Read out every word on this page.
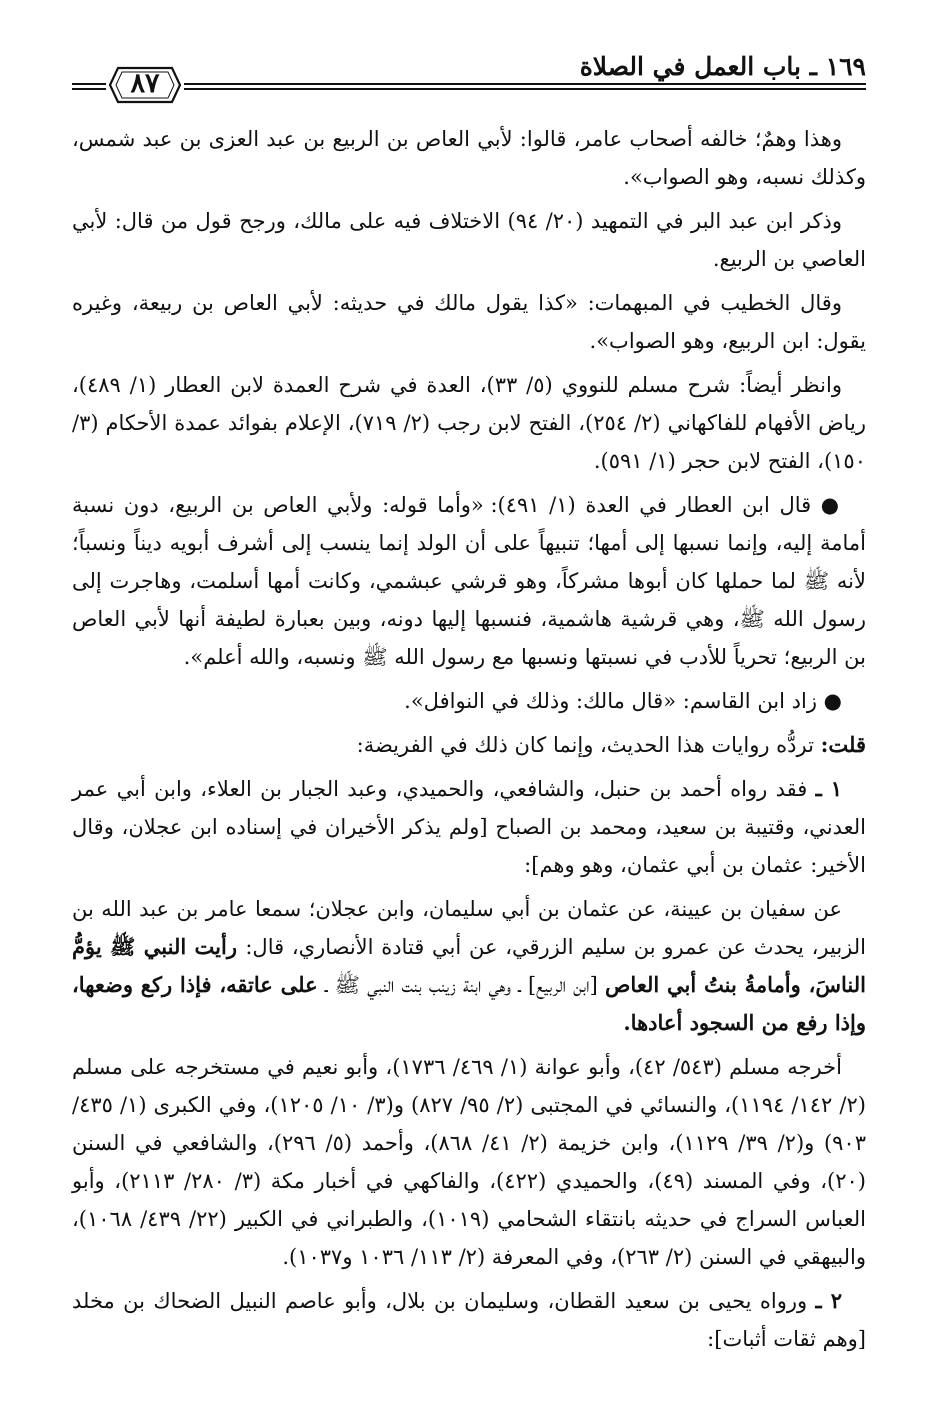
١٦٩ ـ باب العمل في الصلاة
٨٧

وهذا وهمٌ؛ خالفه أصحاب عامر، قالوا: لأبي العاص بن الربيع بن عبد العزى بن عبد شمس، وكذلك نسبه، وهو الصواب».

وذكر ابن عبد البر في التمهيد (٢٠/ ٩٤) الاختلاف فيه على مالك، ورجح قول من قال: لأبي العاصي بن الربيع.

وقال الخطيب في المبهمات: «كذا يقول مالك في حديثه: لأبي العاص بن ربيعة، وغيره يقول: ابن الربيع، وهو الصواب».

وانظر أيضاً: شرح مسلم للنووي (٥/ ٣٣)، العدة في شرح العمدة لابن العطار (١/ ٤٨٩)، رياض الأفهام للفاكهاني (٢/ ٢٥٤)، الفتح لابن رجب (٢/ ٧١٩)، الإعلام بفوائد عمدة الأحكام (٣/ ١٥٠)، الفتح لابن حجر (١/ ٥٩١).

● قال ابن العطار في العدة (١/ ٤٩١): «وأما قوله: ولأبي العاص بن الربيع، دون نسبة أمامة إليه، وإنما نسبها إلى أمها؛ تنبيهاً على أن الولد إنما ينسب إلى أشرف أبويه ديناً ونسباً؛ لأنه ﷺ لما حملها كان أبوها مشركاً، وهو قرشي عبشمي، وكانت أمها أسلمت، وهاجرت إلى رسول الله ﷺ، وهي قرشية هاشمية، فنسبها إليها دونه، وبين بعبارة لطيفة أنها لأبي العاص بن الربيع؛ تحرياً للأدب في نسبتها ونسبها مع رسول الله ﷺ ونسبه، والله أعلم».

● زاد ابن القاسم: «قال مالك: وذلك في النوافل».

قلت: تردُّه روايات هذا الحديث، وإنما كان ذلك في الفريضة:

١ ـ فقد رواه أحمد بن حنبل، والشافعي، والحميدي، وعبد الجبار بن العلاء، وابن أبي عمر العدني، وقتيبة بن سعيد، ومحمد بن الصباح [ولم يذكر الأخيران في إسناده ابن عجلان، وقال الأخير: عثمان بن أبي عثمان، وهو وهم]:

عن سفيان بن عيينة، عن عثمان بن أبي سليمان، وابن عجلان؛ سمعا عامر بن عبد الله بن الزبير، يحدث عن عمرو بن سليم الزرقي، عن أبي قتادة الأنصاري، قال: رأيت النبي ﷺ يؤمُّ الناسَ، وأمامةُ بنتُ أبي العاص [ابن الربيع] ـ وهي ابنة زينب بنت النبي ﷺ ـ على عاتقه، فإذا ركع وضعها، وإذا رفع من السجود أعادها.

أخرجه مسلم (٥٤٣/ ٤٢)، وأبو عوانة (١/ ٤٦٩/ ١٧٣٦)، وأبو نعيم في مستخرجه على مسلم (٢/ ١٤٢/ ١١٩٤)، والنسائي في المجتبى (٢/ ٩٥/ ٨٢٧) و(٣/ ١٠/ ١٢٠٥)، وفي الكبرى (١/ ٤٣٥/ ٩٠٣) و(٢/ ٣٩/ ١١٢٩)، وابن خزيمة (٢/ ٤١/ ٨٦٨)، وأحمد (٥/ ٢٩٦)، والشافعي في السنن (٢٠)، وفي المسند (٤٩)، والحميدي (٤٢٢)، والفاكهي في أخبار مكة (٣/ ٢٨٠/ ٢١١٣)، وأبو العباس السراج في حديثه بانتقاء الشحامي (١٠١٩)، والطبراني في الكبير (٢٢/ ٤٣٩/ ١٠٦٨)، والبيهقي في السنن (٢/ ٢٦٣)، وفي المعرفة (٢/ ١١٣/ ١٠٣٦ و١٠٣٧).

٢ ـ ورواه يحيى بن سعيد القطان، وسليمان بن بلال، وأبو عاصم النبيل الضحاك بن مخلد [وهم ثقات أثبات]:
